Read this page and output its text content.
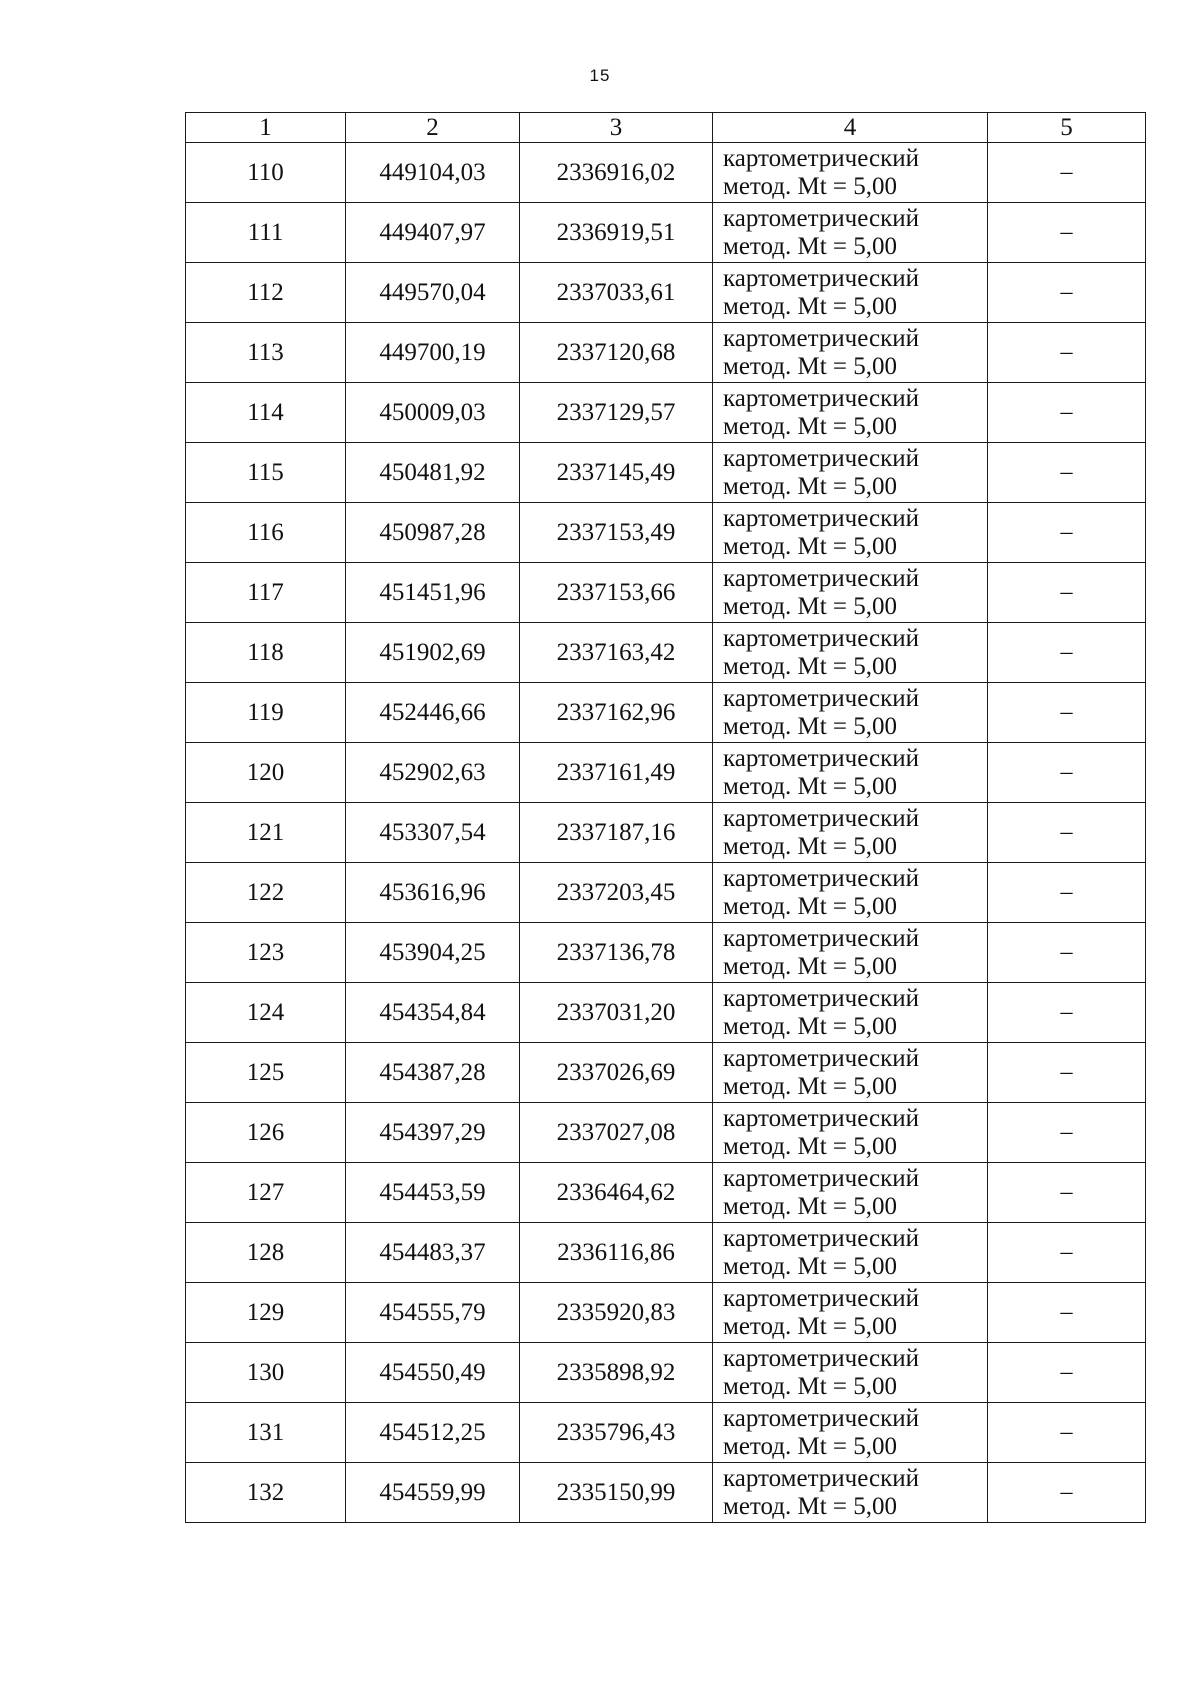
15
1	2	3	4	5
110	449104,03	2336916,02	картометрический
метод. Mt = 5,00	–
111	449407,97	2336919,51	картометрический
метод. Mt = 5,00	–
112	449570,04	2337033,61	картометрический
метод. Mt = 5,00	–
113	449700,19	2337120,68	картометрический
метод. Mt = 5,00	–
114	450009,03	2337129,57	картометрический
метод. Mt = 5,00	–
115	450481,92	2337145,49	картометрический
метод. Mt = 5,00	–
116	450987,28	2337153,49	картометрический
метод. Mt = 5,00	–
117	451451,96	2337153,66	картометрический
метод. Mt = 5,00	–
118	451902,69	2337163,42	картометрический
метод. Mt = 5,00	–
119	452446,66	2337162,96	картометрический
метод. Mt = 5,00	–
120	452902,63	2337161,49	картометрический
метод. Mt = 5,00	–
121	453307,54	2337187,16	картометрический
метод. Mt = 5,00	–
122	453616,96	2337203,45	картометрический
метод. Mt = 5,00	–
123	453904,25	2337136,78	картометрический
метод. Mt = 5,00	–
124	454354,84	2337031,20	картометрический
метод. Mt = 5,00	–
125	454387,28	2337026,69	картометрический
метод. Mt = 5,00	–
126	454397,29	2337027,08	картометрический
метод. Mt = 5,00	–
127	454453,59	2336464,62	картометрический
метод. Mt = 5,00	–
128	454483,37	2336116,86	картометрический
метод. Mt = 5,00	–
129	454555,79	2335920,83	картометрический
метод. Mt = 5,00	–
130	454550,49	2335898,92	картометрический
метод. Mt = 5,00	–
131	454512,25	2335796,43	картометрический
метод. Mt = 5,00	–
132	454559,99	2335150,99	картометрический
метод. Mt = 5,00	–
